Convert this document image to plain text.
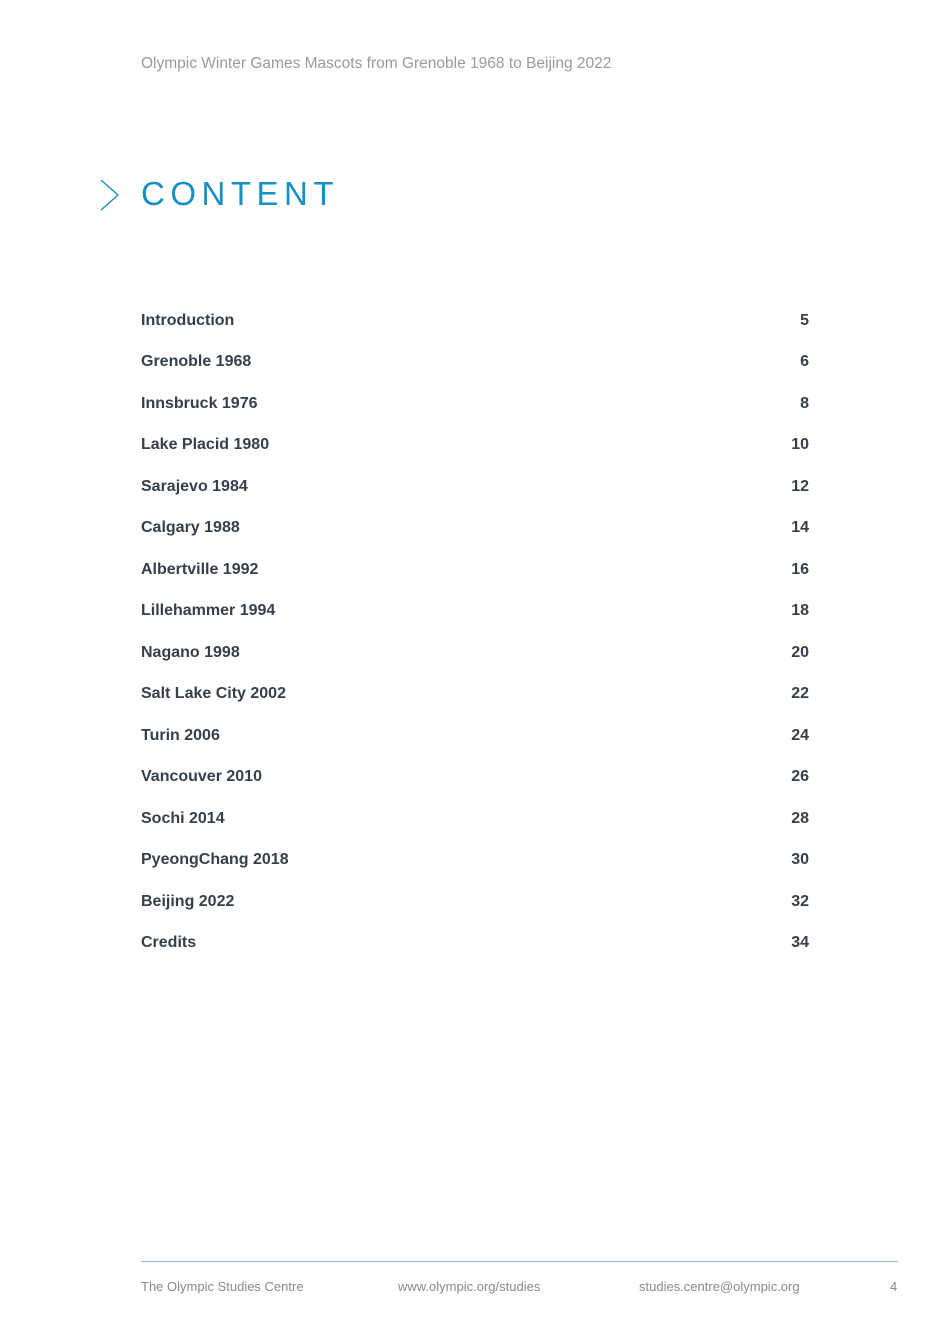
Olympic Winter Games Mascots from Grenoble 1968 to Beijing 2022
CONTENT
Introduction	5
Grenoble 1968	6
Innsbruck 1976	8
Lake Placid 1980	10
Sarajevo 1984	12
Calgary 1988	14
Albertville 1992	16
Lillehammer 1994	18
Nagano 1998	20
Salt Lake City 2002	22
Turin 2006	24
Vancouver 2010	26
Sochi 2014	28
PyeongChang 2018	30
Beijing 2022	32
Credits	34
The Olympic Studies Centre	www.olympic.org/studies	studies.centre@olympic.org	4
